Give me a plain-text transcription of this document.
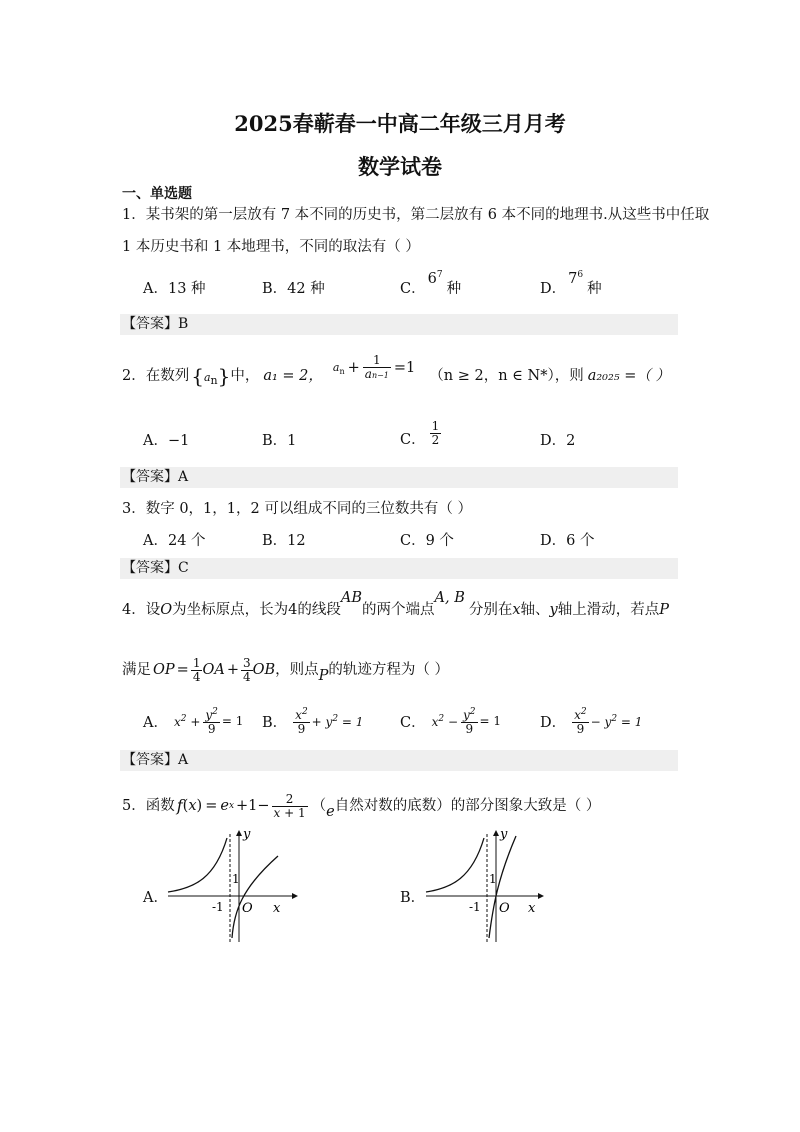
2025春蕲春一中高二年级三月月考
数学试卷
一、单选题
1．某书架的第一层放有 7 本不同的历史书，第二层放有 6 本不同的地理书.从这些书中任取
1 本历史书和 1 本地理书，不同的取法有（ ）
A．13 种	B．42 种	C．$6^7$种	D．$7^6$种
【答案】B
2．在数列 { a n } 中， a₁ = 2，
a $n + \frac{1}{an-1} =1$ （n ≥ 2，n ∈ N*），则 a₂₀₂₅ =（ ）
A．−1	B．1	C． $\frac{1}{2}$	D．2
【答案】A
3．数字 0，1，1，2 可以组成不同的三位数共有（ ）
A．24 个	B．12	C．9 个	D．6 个
【答案】C
4．设O为坐标原点，长为4的线段AB的两个端点A, B分别在x轴、y轴上滑动，若点P
满足 OP = $\frac{1}{4}$ OA + $\frac{3}{4}$ OB ，则点 P 的轨迹方程为（ ）
A． $x^2 + \frac{y^2}{9} = 1$ B． $\frac{x^2}{9} + y^2 = 1$	C． $x^2 - \frac{y^2}{9} = 1$	D． $\frac{x^2}{9} - y^2 = 1$
【答案】A
5．函数 f ( x ) = e $x +1- \frac{2}{x + 1}$ （ e 自然对数的底数）的部分图象大致是（ ）
A．
y
1
-1 O x
B．
y
1
-1 O x
